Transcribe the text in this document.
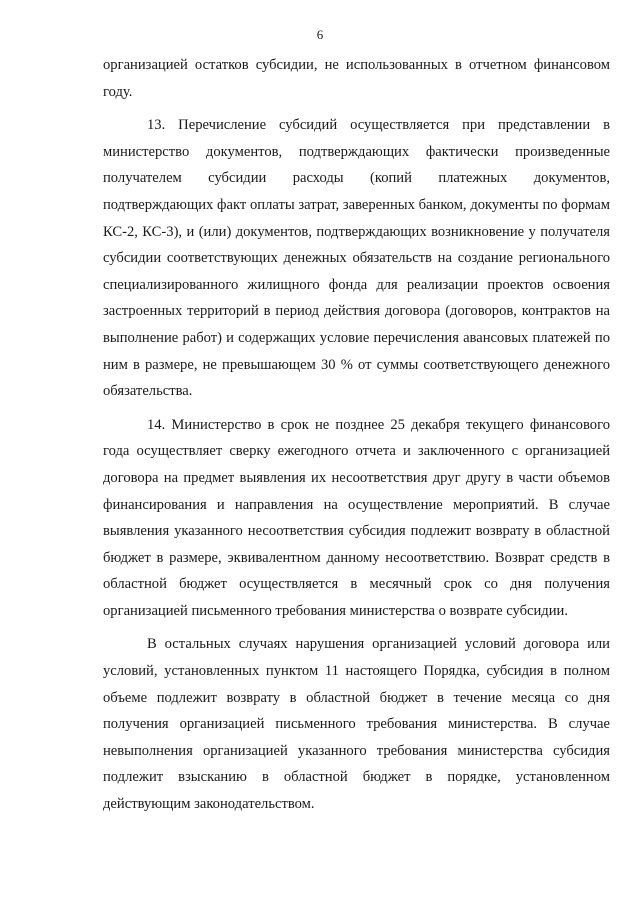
6

организацией остатков субсидии, не использованных в отчетном финансовом году.

13. Перечисление субсидий осуществляется при представлении в министерство документов, подтверждающих фактически произведенные получателем субсидии расходы (копий платежных документов, подтверждающих факт оплаты затрат, заверенных банком, документы по формам КС-2, КС-3), и (или) документов, подтверждающих возникновение у получателя субсидии соответствующих денежных обязательств на создание регионального специализированного жилищного фонда для реализации проектов освоения застроенных территорий в период действия договора (договоров, контрактов на выполнение работ) и содержащих условие перечисления авансовых платежей по ним в размере, не превышающем 30 % от суммы соответствующего денежного обязательства.

14. Министерство в срок не позднее 25 декабря текущего финансового года осуществляет сверку ежегодного отчета и заключенного с организацией договора на предмет выявления их несоответствия друг другу в части объемов финансирования и направления на осуществление мероприятий. В случае выявления указанного несоответствия субсидия подлежит возврату в областной бюджет в размере, эквивалентном данному несоответствию. Возврат средств в областной бюджет осуществляется в месячный срок со дня получения организацией письменного требования министерства о возврате субсидии.

В остальных случаях нарушения организацией условий договора или условий, установленных пунктом 11 настоящего Порядка, субсидия в полном объеме подлежит возврату в областной бюджет в течение месяца со дня получения организацией письменного требования министерства. В случае невыполнения организацией указанного требования министерства субсидия подлежит взысканию в областной бюджет в порядке, установленном действующим законодательством.
